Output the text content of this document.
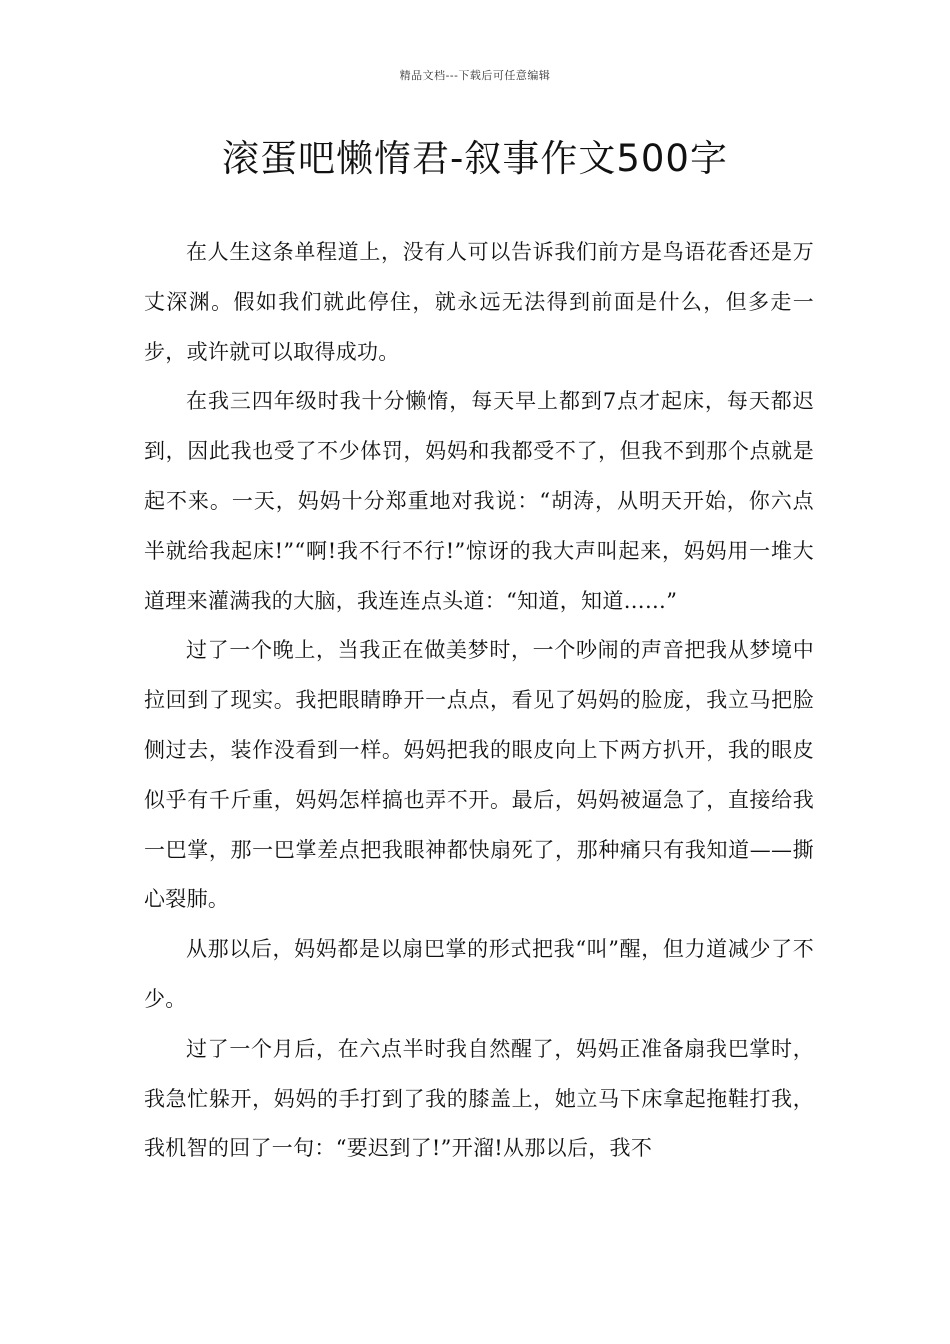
精品文档---下载后可任意编辑
滚蛋吧懒惰君-叙事作文500字

在人生这条单程道上，没有人可以告诉我们前方是鸟语花香还是万丈深渊。假如我们就此停住，就永远无法得到前面是什么，但多走一步，或许就可以取得成功。

在我三四年级时我十分懒惰，每天早上都到7点才起床，每天都迟到，因此我也受了不少体罚，妈妈和我都受不了，但我不到那个点就是起不来。一天，妈妈十分郑重地对我说：“胡涛，从明天开始，你六点半就给我起床!”“啊!我不行不行!”惊讶的我大声叫起来，妈妈用一堆大道理来灌满我的大脑，我连连点头道：“知道，知道……”

过了一个晚上，当我正在做美梦时，一个吵闹的声音把我从梦境中拉回到了现实。我把眼睛睁开一点点，看见了妈妈的脸庞，我立马把脸侧过去，装作没看到一样。妈妈把我的眼皮向上下两方扒开，我的眼皮似乎有千斤重，妈妈怎样搞也弄不开。最后，妈妈被逼急了，直接给我一巴掌，那一巴掌差点把我眼神都快扇死了，那种痛只有我知道——撕心裂肺。

从那以后，妈妈都是以扇巴掌的形式把我“叫”醒，但力道减少了不少。

过了一个月后，在六点半时我自然醒了，妈妈正准备扇我巴掌时，我急忙躲开，妈妈的手打到了我的膝盖上，她立马下床拿起拖鞋打我，我机智的回了一句：“要迟到了!”开溜!从那以后，我不
